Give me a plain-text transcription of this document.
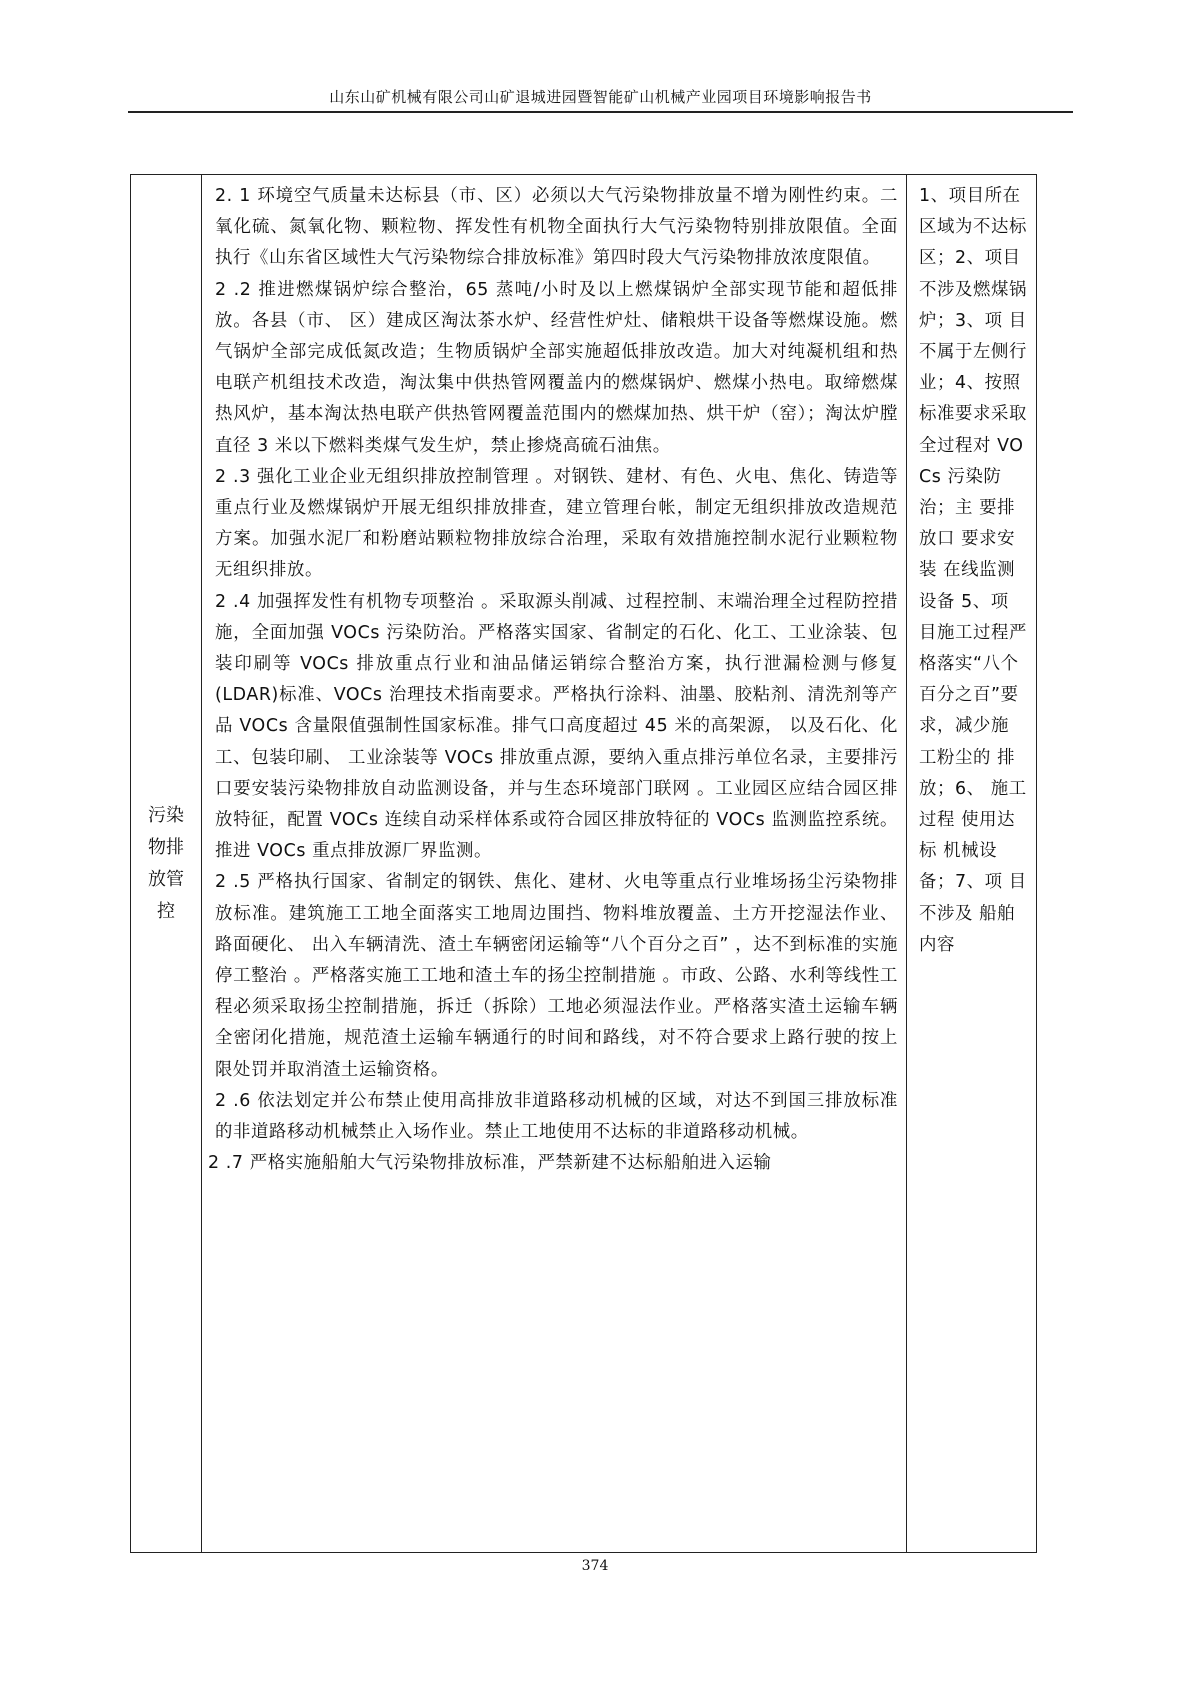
山东山矿机械有限公司山矿退城进园暨智能矿山机械产业园项目环境影响报告书
污染物排放管控

2. 1 环境空气质量未达标县（市、区）必须以大气污染物排放量不增为刚性约束。二氧化硫、氮氧化物、颗粒物、挥发性有机物全面执行大气污染物特别排放限值。全面执行《山东省区域性大气污染物综合排放标准》第四时段大气污染物排放浓度限值。

2 .2 推进燃煤锅炉综合整治，65 蒸吨/小时及以上燃煤锅炉全部实现节能和超低排放。各县（市、 区）建成区淘汰茶水炉、经营性炉灶、储粮烘干设备等燃煤设施。燃气锅炉全部完成低氮改造；生物质锅炉全部实施超低排放改造。加大对纯凝机组和热电联产机组技术改造，淘汰集中供热管网覆盖内的燃煤锅炉、燃煤小热电。取缔燃煤热风炉，基本淘汰热电联产供热管网覆盖范围内的燃煤加热、烘干炉（窑）；淘汰炉膛直径 3 米以下燃料类煤气发生炉，禁止掺烧高硫石油焦。

2 .3 强化工业企业无组织排放控制管理 。对钢铁、建材、有色、火电、焦化、铸造等重点行业及燃煤锅炉开展无组织排放排查，建立管理台帐，制定无组织排放改造规范方案。加强水泥厂和粉磨站颗粒物排放综合治理，采取有效措施控制水泥行业颗粒物无组织排放。

2 .4 加强挥发性有机物专项整治 。采取源头削减、过程控制、末端治理全过程防控措施，全面加强 VOCs 污染防治。严格落实国家、省制定的石化、化工、工业涂装、包装印刷等 VOCs 排放重点行业和油品储运销综合整治方案，执行泄漏检测与修复(LDAR)标准、VOCs 治理技术指南要求。严格执行涂料、油墨、胶粘剂、清洗剂等产品 VOCs 含量限值强制性国家标准。排气口高度超过 45 米的高架源， 以及石化、化工、包装印刷、 工业涂装等 VOCs 排放重点源，要纳入重点排污单位名录，主要排污口要安装污染物排放自动监测设备，并与生态环境部门联网 。工业园区应结合园区排放特征，配置 VOCs 连续自动采样体系或符合园区排放特征的 VOCs 监测监控系统。推进 VOCs 重点排放源厂界监测。

2 .5 严格执行国家、省制定的钢铁、焦化、建材、火电等重点行业堆场扬尘污染物排放标准。建筑施工工地全面落实工地周边围挡、物料堆放覆盖、土方开挖湿法作业、路面硬化、 出入车辆清洗、渣土车辆密闭运输等“八个百分之百” ，达不到标准的实施停工整治 。严格落实施工工地和渣土车的扬尘控制措施 。市政、公路、水利等线性工程必须采取扬尘控制措施，拆迁（拆除）工地必须湿法作业。严格落实渣土运输车辆全密闭化措施，规范渣土运输车辆通行的时间和路线，对不符合要求上路行驶的按上限处罚并取消渣土运输资格。

2 .6 依法划定并公布禁止使用高排放非道路移动机械的区域，对达不到国三排放标准的非道路移动机械禁止入场作业。禁止工地使用不达标的非道路移动机械。

2 .7 严格实施船舶大气污染物排放标准，严禁新建不达标船舶进入运输

1、项目所在区域为不达标区；2、项目不涉及燃煤锅炉；3、项 目不属于左侧行业；4、按照标准要求采取全过程对 VOCs 污染防治；主 要排放口 要求安装 在线监测 设备 5、项 目施工过程严格落实“八个百分之百”要求，减少施 工粉尘的 排放；6、 施工过程 使用达标 机械设 备；7、项 目不涉及 船舶内容
374
